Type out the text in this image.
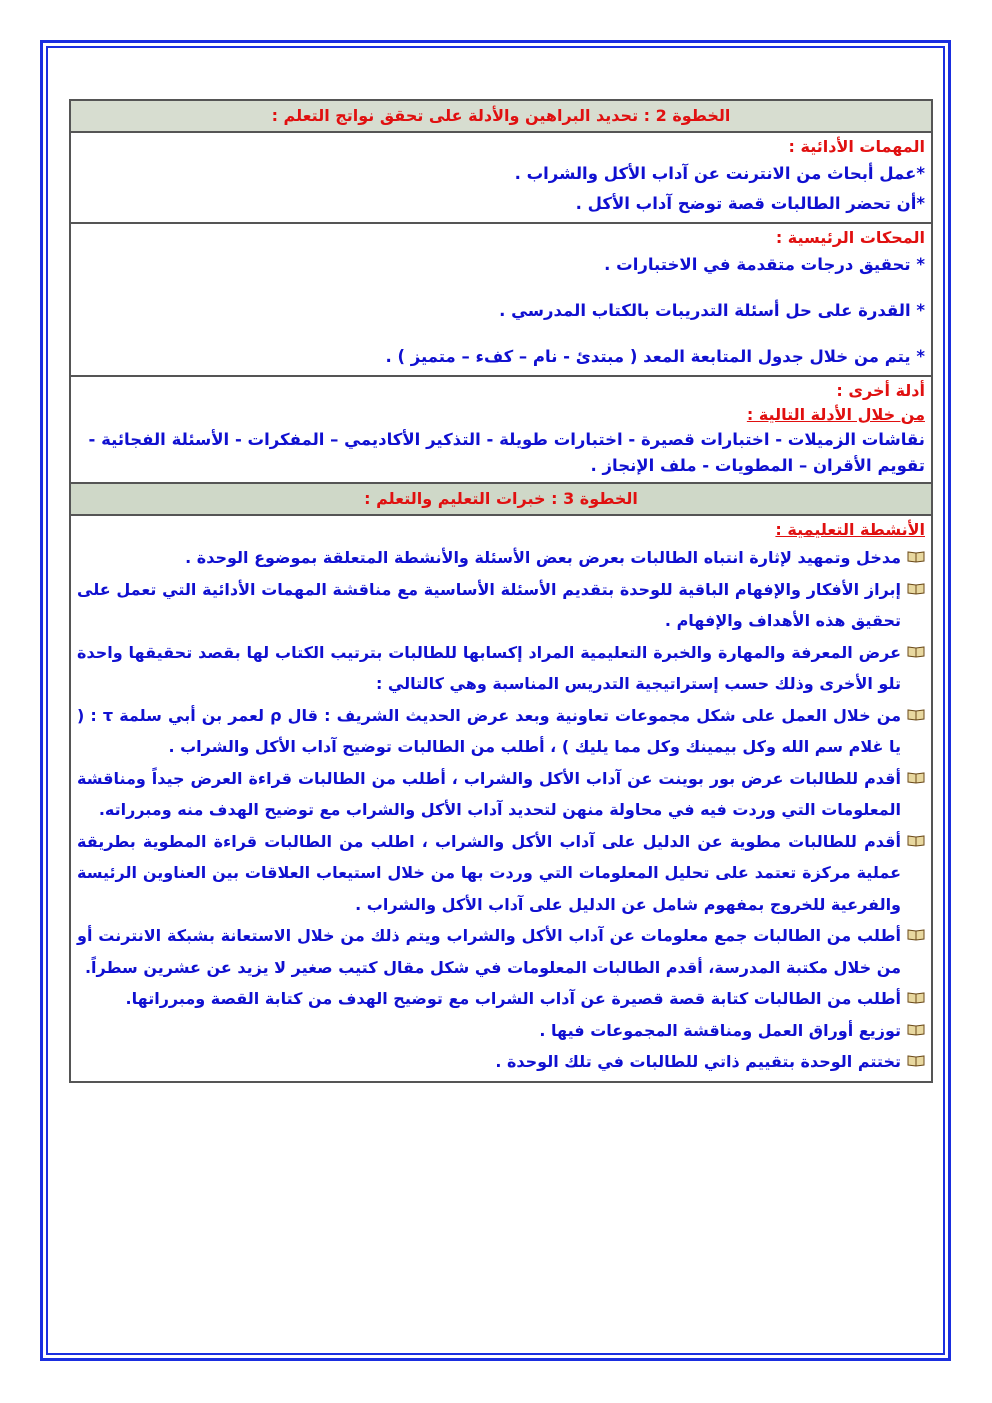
الخطوة 2 : تحديد البراهين والأدلة على تحقق نواتج التعلم :
المهمات الأدائية :
*عمل أبحاث من الانترنت عن آداب الأكل والشراب .
*أن تحضر الطالبات قصة توضح آداب الأكل .
المحكات الرئيسية :
* تحقيق درجات متقدمة في الاختبارات .
* القدرة على حل أسئلة التدريبات بالكتاب المدرسي .
* يتم من خلال جدول المتابعة المعد ( مبتدئ - نام – كفء – متميز ) .
أدلة أخرى :
من خلال الأدلة التالية :
نقاشات الزميلات - اختبارات قصيرة - اختبارات طويلة - التذكير الأكاديمي – المفكرات - الأسئلة الفجائية - تقويم الأقران – المطويات - ملف الإنجاز .
الخطوة 3 : خبرات التعليم والتعلم :
الأنشطة التعليمية :
مدخل وتمهيد لإثارة انتباه الطالبات بعرض بعض الأسئلة والأنشطة المتعلقة بموضوع الوحدة .
إبراز الأفكار والإفهام الباقية للوحدة بتقديم الأسئلة الأساسية مع مناقشة المهمات الأدائية التي تعمل على تحقيق هذه الأهداف والإفهام .
عرض المعرفة والمهارة والخبرة التعليمية المراد إكسابها للطالبات بترتيب الكتاب لها بقصد تحقيقها واحدة تلو الأخرى وذلك حسب إستراتيجية التدريس المناسبة وهي كالتالي :
من خلال العمل على شكل مجموعات تعاونية وبعد عرض الحديث الشريف : قال ρ لعمر بن أبي سلمة τ : ( يا غلام سم الله وكل بيمينك وكل مما يليك ) ، أطلب من الطالبات توضيح آداب الأكل والشراب .
أقدم للطالبات عرض بور بوينت عن آداب الأكل والشراب ، أطلب من الطالبات قراءة العرض جيداً ومناقشة المعلومات التي وردت فيه في محاولة منهن لتحديد آداب الأكل والشراب مع توضيح الهدف منه ومبرراته.
أقدم للطالبات مطوية عن الدليل على آداب الأكل والشراب ، اطلب من الطالبات قراءة المطوية بطريقة عملية مركزة تعتمد على تحليل المعلومات التي وردت بها من خلال استيعاب العلاقات بين العناوين الرئيسة والفرعية للخروج بمفهوم شامل عن الدليل على آداب الأكل والشراب .
أطلب من الطالبات جمع معلومات عن آداب الأكل والشراب ويتم ذلك من خلال الاستعانة بشبكة الانترنت أو من خلال مكتبة المدرسة، أقدم الطالبات المعلومات في شكل مقال كتيب صغير لا يزيد عن عشرين سطراً.
أطلب من الطالبات كتابة قصة قصيرة عن آداب الشراب مع توضيح الهدف من كتابة القصة ومبرراتها.
توزيع أوراق العمل ومناقشة المجموعات فيها .
تختتم الوحدة بتقييم ذاتي للطالبات في تلك الوحدة .
